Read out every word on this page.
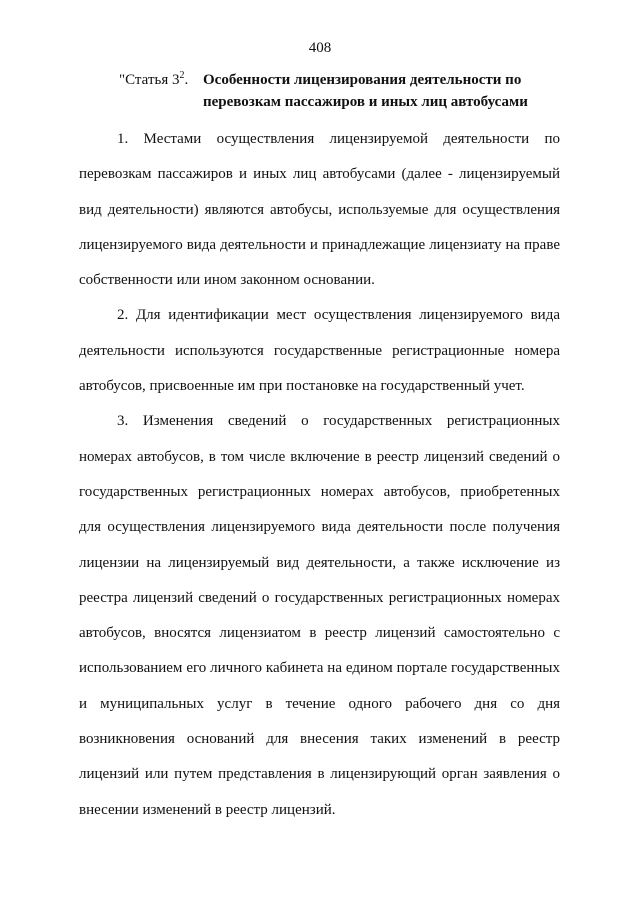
408
"Статья $3^2$. Особенности лицензирования деятельности по перевозкам пассажиров и иных лиц автобусами

1. Местами осуществления лицензируемой деятельности по перевозкам пассажиров и иных лиц автобусами (далее - лицензируемый вид деятельности) являются автобусы, используемые для осуществления лицензируемого вида деятельности и принадлежащие лицензиату на праве собственности или ином законном основании.

2. Для идентификации мест осуществления лицензируемого вида деятельности используются государственные регистрационные номера автобусов, присвоенные им при постановке на государственный учет.

3. Изменения сведений о государственных регистрационных номерах автобусов, в том числе включение в реестр лицензий сведений о государственных регистрационных номерах автобусов, приобретенных для осуществления лицензируемого вида деятельности после получения лицензии на лицензируемый вид деятельности, а также исключение из реестра лицензий сведений о государственных регистрационных номерах автобусов, вносятся лицензиатом в реестр лицензий самостоятельно с использованием его личного кабинета на едином портале государственных и муниципальных услуг в течение одного рабочего дня со дня возникновения оснований для внесения таких изменений в реестр лицензий или путем представления в лицензирующий орган заявления о внесении изменений в реестр лицензий.
